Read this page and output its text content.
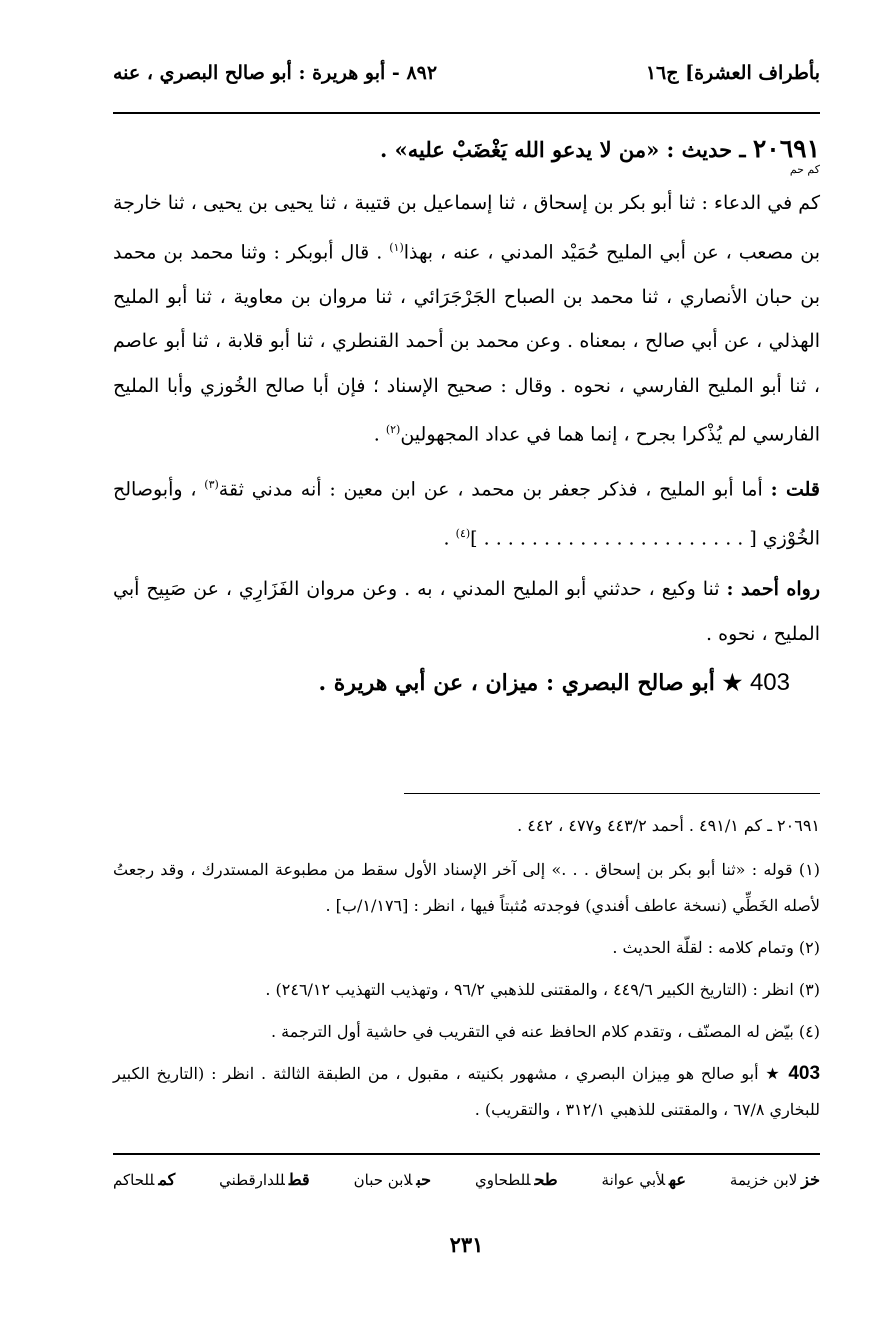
بأطراف العشرة] ج١٦
٨٩٢ - أبو هريرة : أبو صالح البصري ، عنه
٢٠٦٩١ ـ حديث : «من لا يدعو الله يَغْضَبْ عليه» .
كم حم

كم في الدعاء : ثنا أبو بكر بن إسحاق ، ثنا إسماعيل بن قتيبة ، ثنا يحيى بن يحيى ، ثنا خارجة بن مصعب ، عن أبي المليح حُمَيْد المدني ، عنه ، بهذا$^{(١)}$ . قال أبوبكر : وثنا محمد بن محمد بن حبان الأنصاري ، ثنا محمد بن الصباح الجَرْجَرَائي ، ثنا مروان بن معاوية ، ثنا أبو المليح الهذلي ، عن أبي صالح ، بمعناه . وعن محمد بن أحمد القنطري ، ثنا أبو قلابة ، ثنا أبو عاصم ، ثنا أبو المليح الفارسي ، نحوه . وقال : صحيح الإسناد ؛ فإن أبا صالح الخُوزي وأبا المليح الفارسي لم يُذْكرا بجرح ، إنما هما في عداد المجهولين$^{(٢)}$ .

قلت : أما أبو المليح ، فذكر جعفر بن محمد ، عن ابن معين : أنه مدني ثقة$^{(٣)}$ ، وأبوصالح الخُوْزي [ . . . . . . . . . . . . . . . . . . . . . . ]$^{(٤)}$ .

رواه أحمد : ثنا وكيع ، حدثني أبو المليح المدني ، به . وعن مروان الفَزَارِي ، عن صَبِيح أبي المليح ، نحوه .

403 ★ أبو صالح البصري : ميزان ، عن أبي هريرة .

٢٠٦٩١ ـ كم ٤٩١/١ . أحمد ٤٤٣/٢ و٤٧٧ ، ٤٤٢ .

(١) قوله : «ثنا أبو بكر بن إسحاق . . .» إلى آخر الإسناد الأول سقط من مطبوعة المستدرك ، وقد رجعتُ لأصله الخَطِّي (نسخة عاطف أفندي) فوجدته مُثبتاً فيها ، انظر : [١/١٧٦/ب] .

(٢) وتمام كلامه : لقلّة الحديث .

(٣) انظر : (التاريخ الكبير ٤٤٩/٦ ، والمقتنى للذهبي ٩٦/٢ ، وتهذيب التهذيب ٢٤٦/١٢) .

(٤) بيّض له المصنّف ، وتقدم كلام الحافظ عنه في التقريب في حاشية أول الترجمة .

403 ★ أبو صالح هو مِيزان البصري ، مشهور بكنيته ، مقبول ، من الطبقة الثالثة . انظر : (التاريخ الكبير للبخاري ٦٧/٨ ، والمقتنى للذهبي ٣١٢/١ ، والتقريب) .

خزلابن خزيمة
عهلأبي عوانة
طحللطحاوي
حبلابن حبان
قطللدارقطني
كمللحاكم
٢٣١
